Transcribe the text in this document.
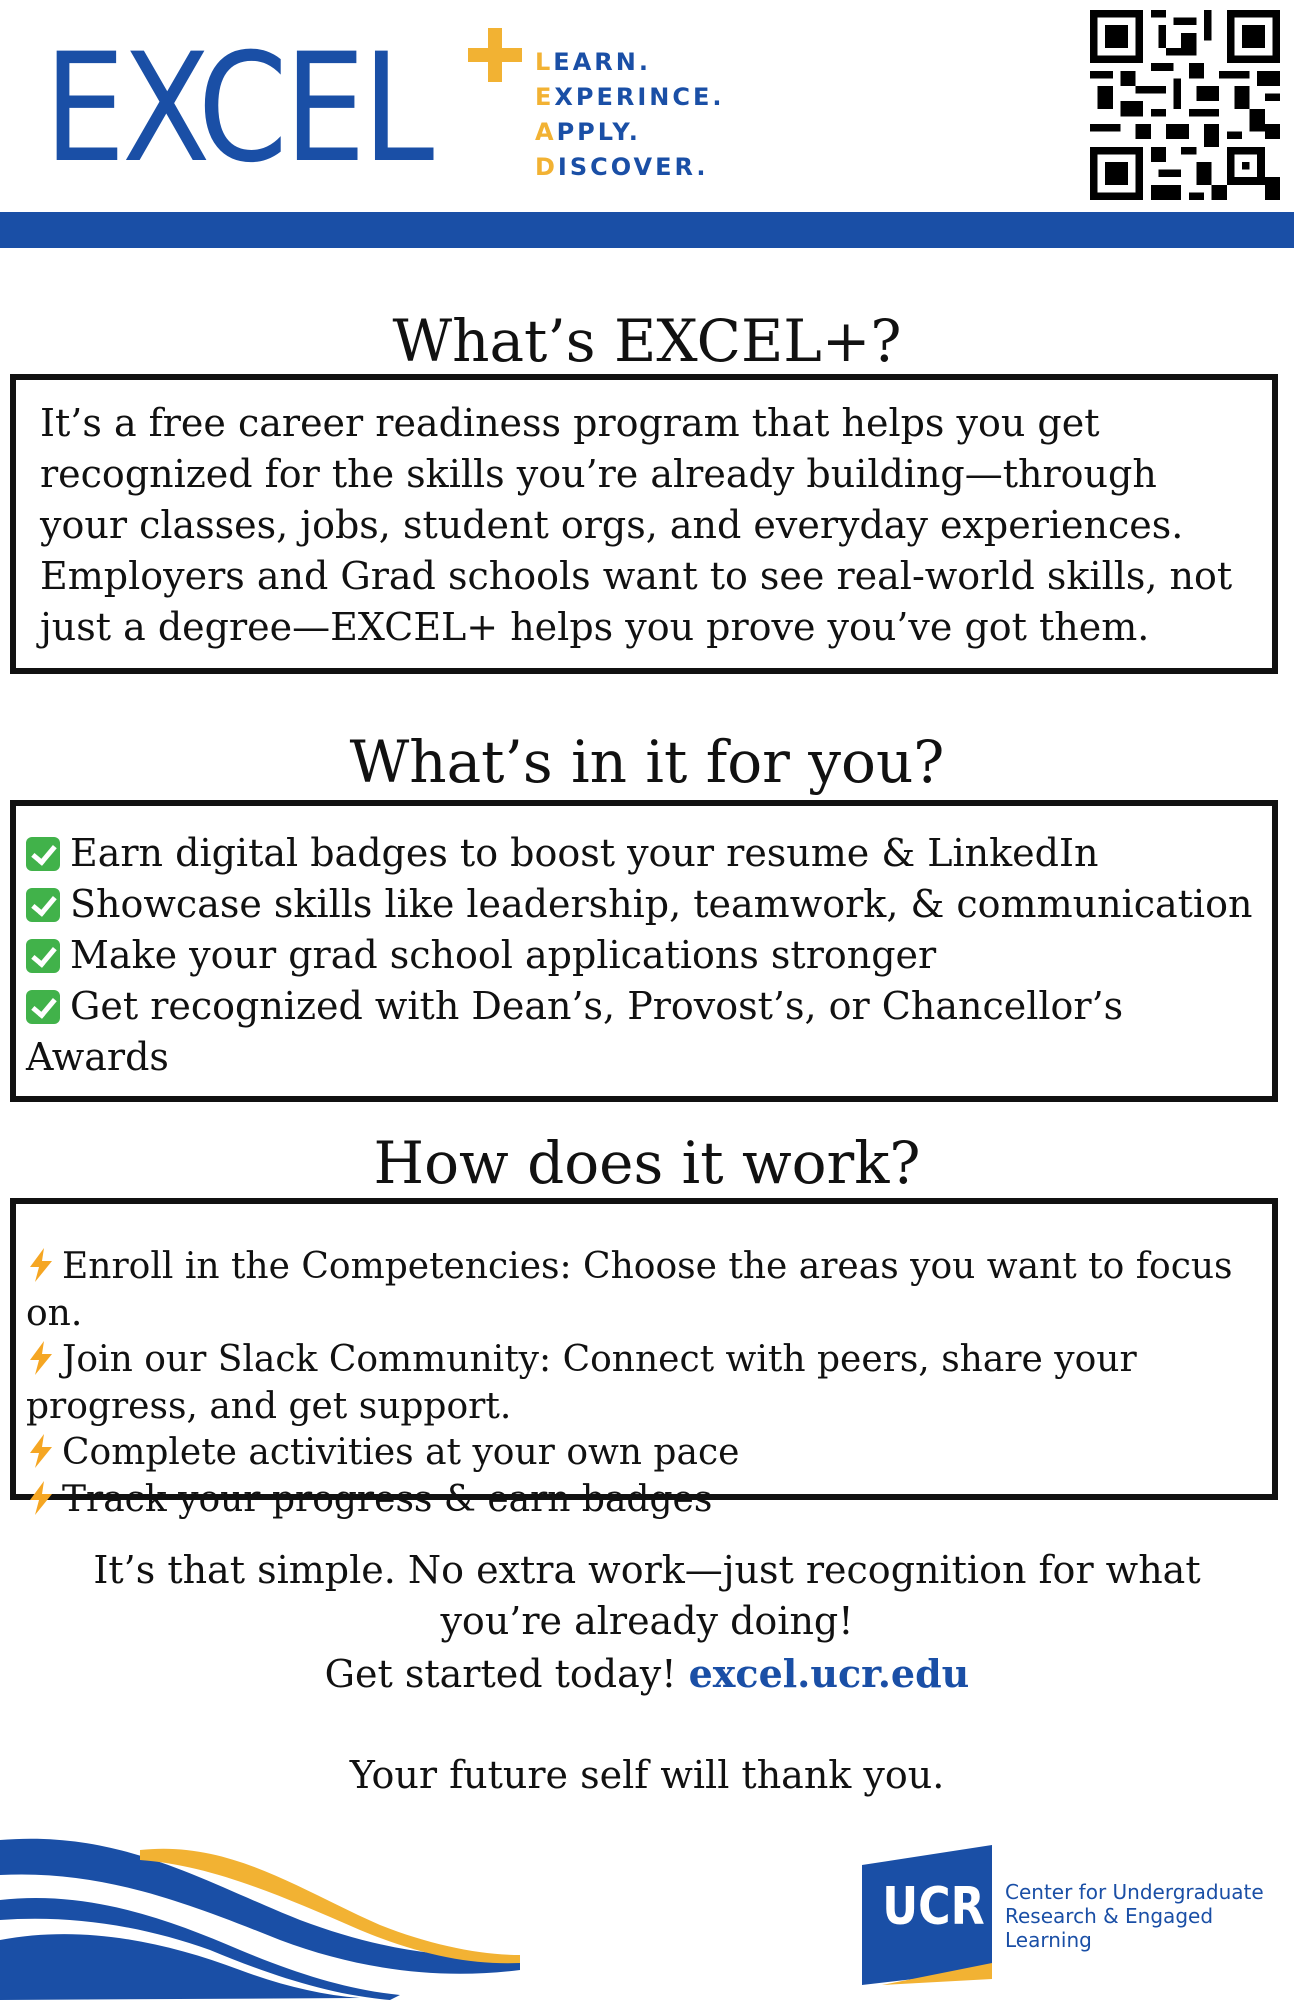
EXCEL	LEARN.
EXPERINCE.
APPLY.
DISCOVER.
What’s EXCEL+?
It’s a free career readiness program that helps you get recognized for the skills you’re already building—through your classes, jobs, student orgs, and everyday experiences. Employers and Grad schools want to see real-world skills, not just a degree—EXCEL+ helps you prove you’ve got them.
What’s in it for you?
Earn digital badges to boost your resume & LinkedIn
Showcase skills like leadership, teamwork, & communication
Make your grad school applications stronger
Get recognized with Dean’s, Provost’s, or Chancellor’s Awards
How does it work?
Enroll in the Competencies: Choose the areas you want to focus on.
Join our Slack Community: Connect with peers, share your progress, and get support.
Complete activities at your own pace
Track your progress & earn badges
It’s that simple. No extra work—just recognition for what you’re already doing!
Get started today! excel.ucr.edu
Your future self will thank you.
UCR Center for Undergraduate
Research & Engaged Learning
